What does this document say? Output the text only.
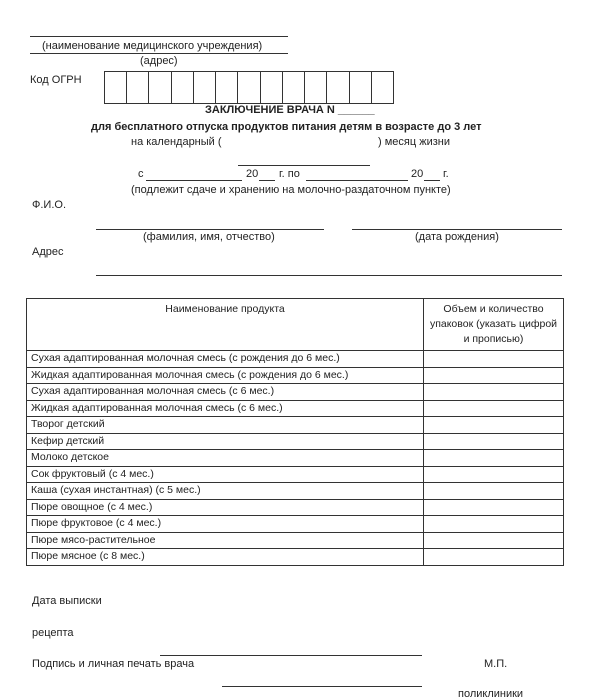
(наименование медицинского учреждения)
(адрес)
Код ОГРН
ЗАКЛЮЧЕНИЕ ВРАЧА N ______
для бесплатного отпуска продуктов питания детям в возрасте до 3 лет
на календарный (	) месяц жизни
с	20 г. по	20 г.
(подлежит сдаче и хранению на молочно-раздаточном пункте)
Ф.И.О.
(фамилия, имя, отчество)	(дата рождения)
Адрес
Наименование продукта	Объем и количество упаковок (указать цифрой и прописью)
Сухая адаптированная молочная смесь (с рождения до 6 мес.)	
Жидкая адаптированная молочная смесь (с рождения до 6 мес.)	
Сухая адаптированная молочная смесь (с 6 мес.)	
Жидкая адаптированная молочная смесь (с 6 мес.)	
Творог детский	
Кефир детский	
Молоко детское	
Сок фруктовый (с 4 мес.)	
Каша (сухая инстантная) (с 5 мес.)	
Пюре овощное (с 4 мес.)	
Пюре фруктовое (с 4 мес.)	
Пюре мясо-растительное	
Пюре мясное (с 8 мес.)	
Дата выписки
рецепта
Подпись и личная печать врача	М.П.
поликлиники
